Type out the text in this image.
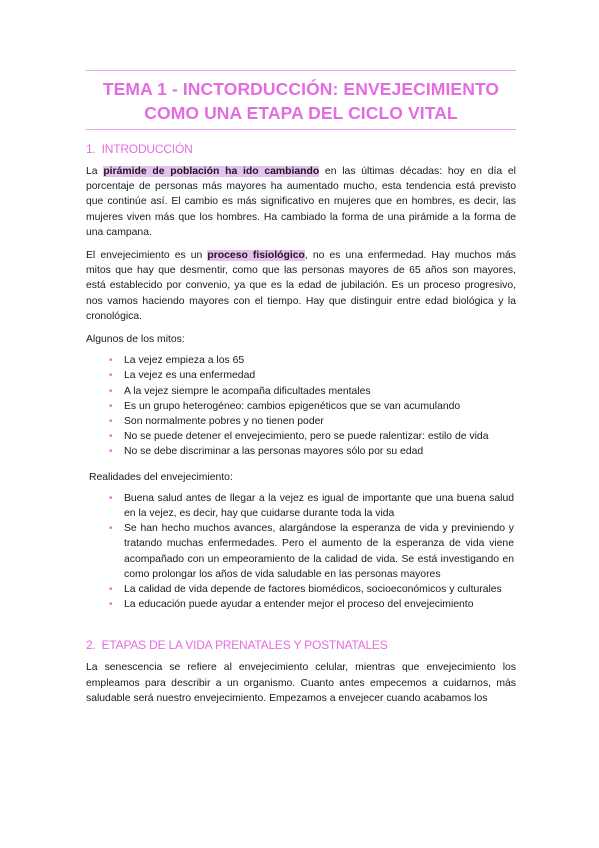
TEMA 1 - INCTORDUCCIÓN: ENVEJECIMIENTO
COMO UNA ETAPA DEL CICLO VITAL
1. INTRODUCCIÓN

La pirámide de población ha ido cambiando en las últimas décadas: hoy en día el porcentaje de personas más mayores ha aumentado mucho, esta tendencia está previsto que continúe así. El cambio es más significativo en mujeres que en hombres, es decir, las mujeres viven más que los hombres. Ha cambiado la forma de una pirámide a la forma de una campana.

El envejecimiento es un proceso fisiológico, no es una enfermedad. Hay muchos más mitos que hay que desmentir, como que las personas mayores de 65 años son mayores, está establecido por convenio, ya que es la edad de jubilación. Es un proceso progresivo, nos vamos haciendo mayores con el tiempo. Hay que distinguir entre edad biológica y la cronológica.

Algunos de los mitos:

• La vejez empieza a los 65
• La vejez es una enfermedad
• A la vejez siempre le acompaña dificultades mentales
• Es un grupo heterogéneo: cambios epigenéticos que se van acumulando
• Son normalmente pobres y no tienen poder
• No se puede detener el envejecimiento, pero se puede ralentizar: estilo de vida
• No se debe discriminar a las personas mayores sólo por su edad

Realidades del envejecimiento:

• Buena salud antes de llegar a la vejez es igual de importante que una buena salud en la vejez, es decir, hay que cuidarse durante toda la vida
• Se han hecho muchos avances, alargándose la esperanza de vida y previniendo y tratando muchas enfermedades. Pero el aumento de la esperanza de vida viene acompañado con un empeoramiento de la calidad de vida. Se está investigando en como prolongar los años de vida saludable en las personas mayores
• La calidad de vida depende de factores biomédicos, socioeconómicos y culturales
• La educación puede ayudar a entender mejor el proceso del envejecimiento
2. ETAPAS DE LA VIDA PRENATALES Y POSTNATALES

La senescencia se refiere al envejecimiento celular, mientras que envejecimiento los empleamos para describir a un organismo. Cuanto antes empecemos a cuidarnos, más saludable será nuestro envejecimiento. Empezamos a envejecer cuando acabamos los
